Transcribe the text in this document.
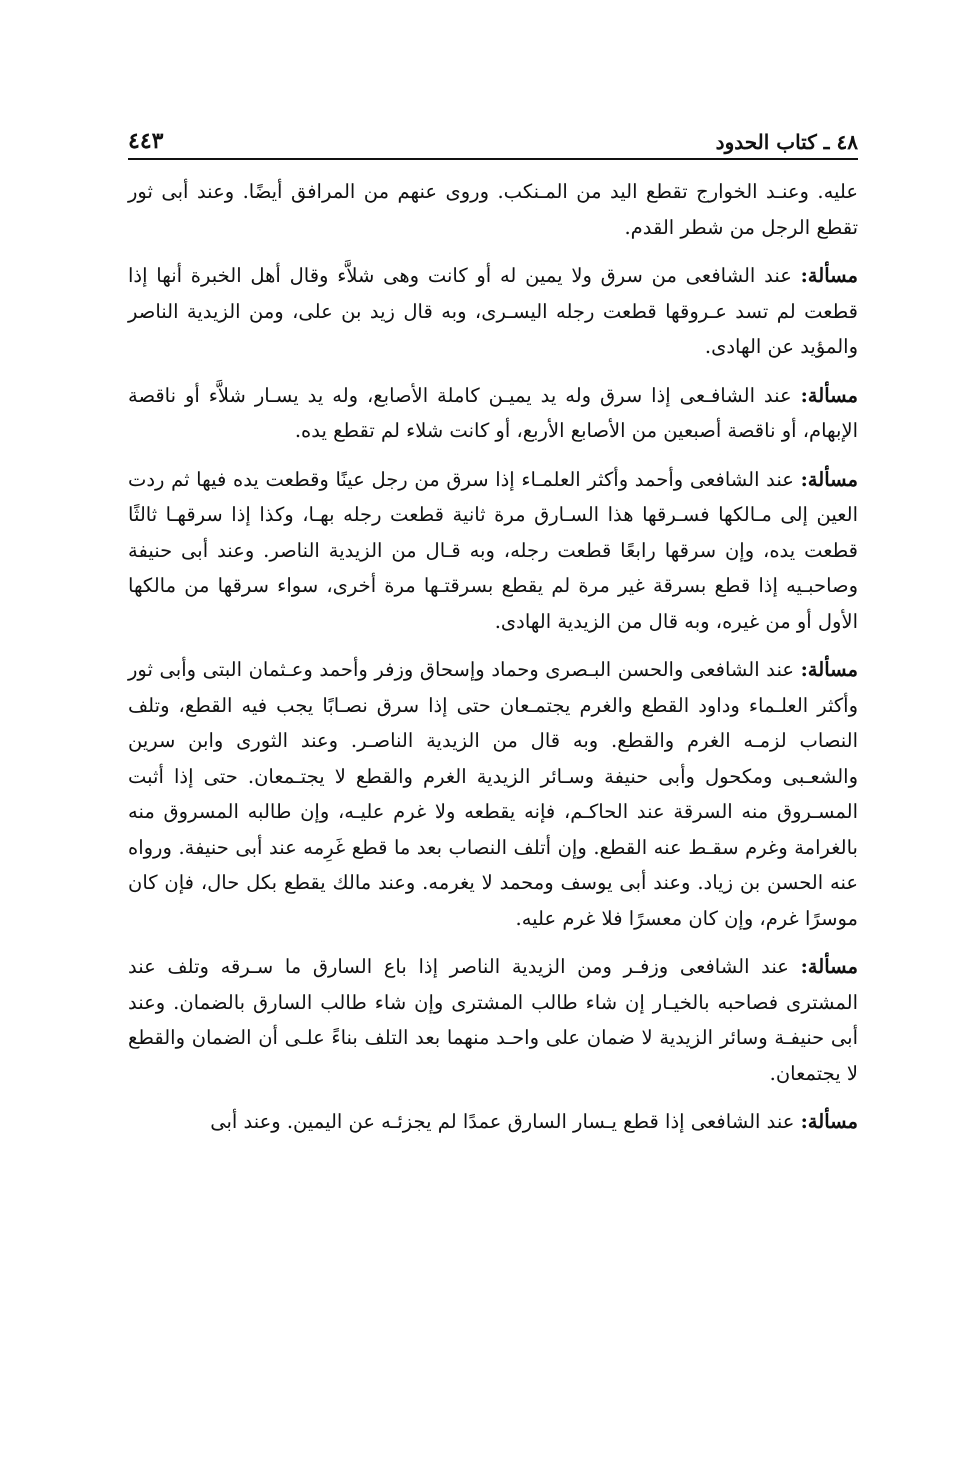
٤٨ ـ كتاب الحدود
٤٤٣

عليه. وعنـد الخوارج تقطع اليد من المـنكب. وروى عنهم من المرافق أيضًا. وعند أبى ثور تقطع الرجل من شطر القدم.

مسألة: عند الشافعى من سرق ولا يمين له أو كانت وهى شلاَّء وقال أهل الخبرة أنها إذا قطعت لم تسد عـروقها قطعت رجله اليسـرى، وبه قال زيد بن على، ومن الزيدية الناصر والمؤيد عن الهادى.

مسألة: عند الشافـعى إذا سرق وله يد يميـن كاملة الأصابع، وله يد يسـار شلاَّء أو ناقصة الإبهام، أو ناقصة أصبعين من الأصابع الأربع، أو كانت شلاء لم تقطع يده.

مسألة: عند الشافعى وأحمد وأكثر العلمـاء إذا سرق من رجل عينًا وقطعت يده فيها ثم ردت العين إلى مـالكها فسـرقها هذا السـارق مرة ثانية قطعت رجله بهـا، وكذا إذا سرقهـا ثالثًا قطعت يده، وإن سرقها رابعًا قطعت رجله، وبه قـال من الزيدية الناصر. وعند أبى حنيفة وصاحبـيه إذا قطع بسرقة غير مرة لم يقطع بسرقتـها مرة أخرى، سواء سرقها من مالكها الأول أو من غيره، وبه قال من الزيدية الهادى.

مسألة: عند الشافعى والحسن البـصرى وحماد وإسحاق وزفر وأحمد وعـثمان البتى وأبى ثور وأكثر العلـماء وداود القطع والغرم يجتمـعان حتى إذا سرق نصـابًا يجب فيه القطع، وتلف النصاب لزمـه الغرم والقطع. وبه قال من الزيدية الناصـر. وعند الثورى وابن سرين والشعـبى ومكحول وأبى حنيفة وسـائر الزيدية الغرم والقطع لا يجتـمعان. حتى إذا أثبت المسـروق منه السرقة عند الحاكـم، فإنه يقطعه ولا غرم عليـه، وإن طالبه المسروق منه بالغرامة وغرم سقـط عنه القطع. وإن أتلف النصاب بعد ما قطع غَرِمه عند أبى حنيفة. ورواه عنه الحسن بن زياد. وعند أبى يوسف ومحمد لا يغرمه. وعند مالك يقطع بكل حال، فإن كان موسرًا غرم، وإن كان معسرًا فلا غرم عليه.

مسألة: عند الشافعى وزفـر ومن الزيدية الناصر إذا باع السارق ما سـرقه وتلف عند المشترى فصاحبه بالخيـار إن شاء طالب المشترى وإن شاء طالب السارق بالضمان. وعند أبى حنيفـة وسائر الزيدية لا ضمان على واحـد منهما بعد التلف بناءً علـى أن الضمان والقطع لا يجتمعان.

مسألة: عند الشافعى إذا قطع يـسار السارق عمدًا لم يجزئـه عن اليمين. وعند أبى
